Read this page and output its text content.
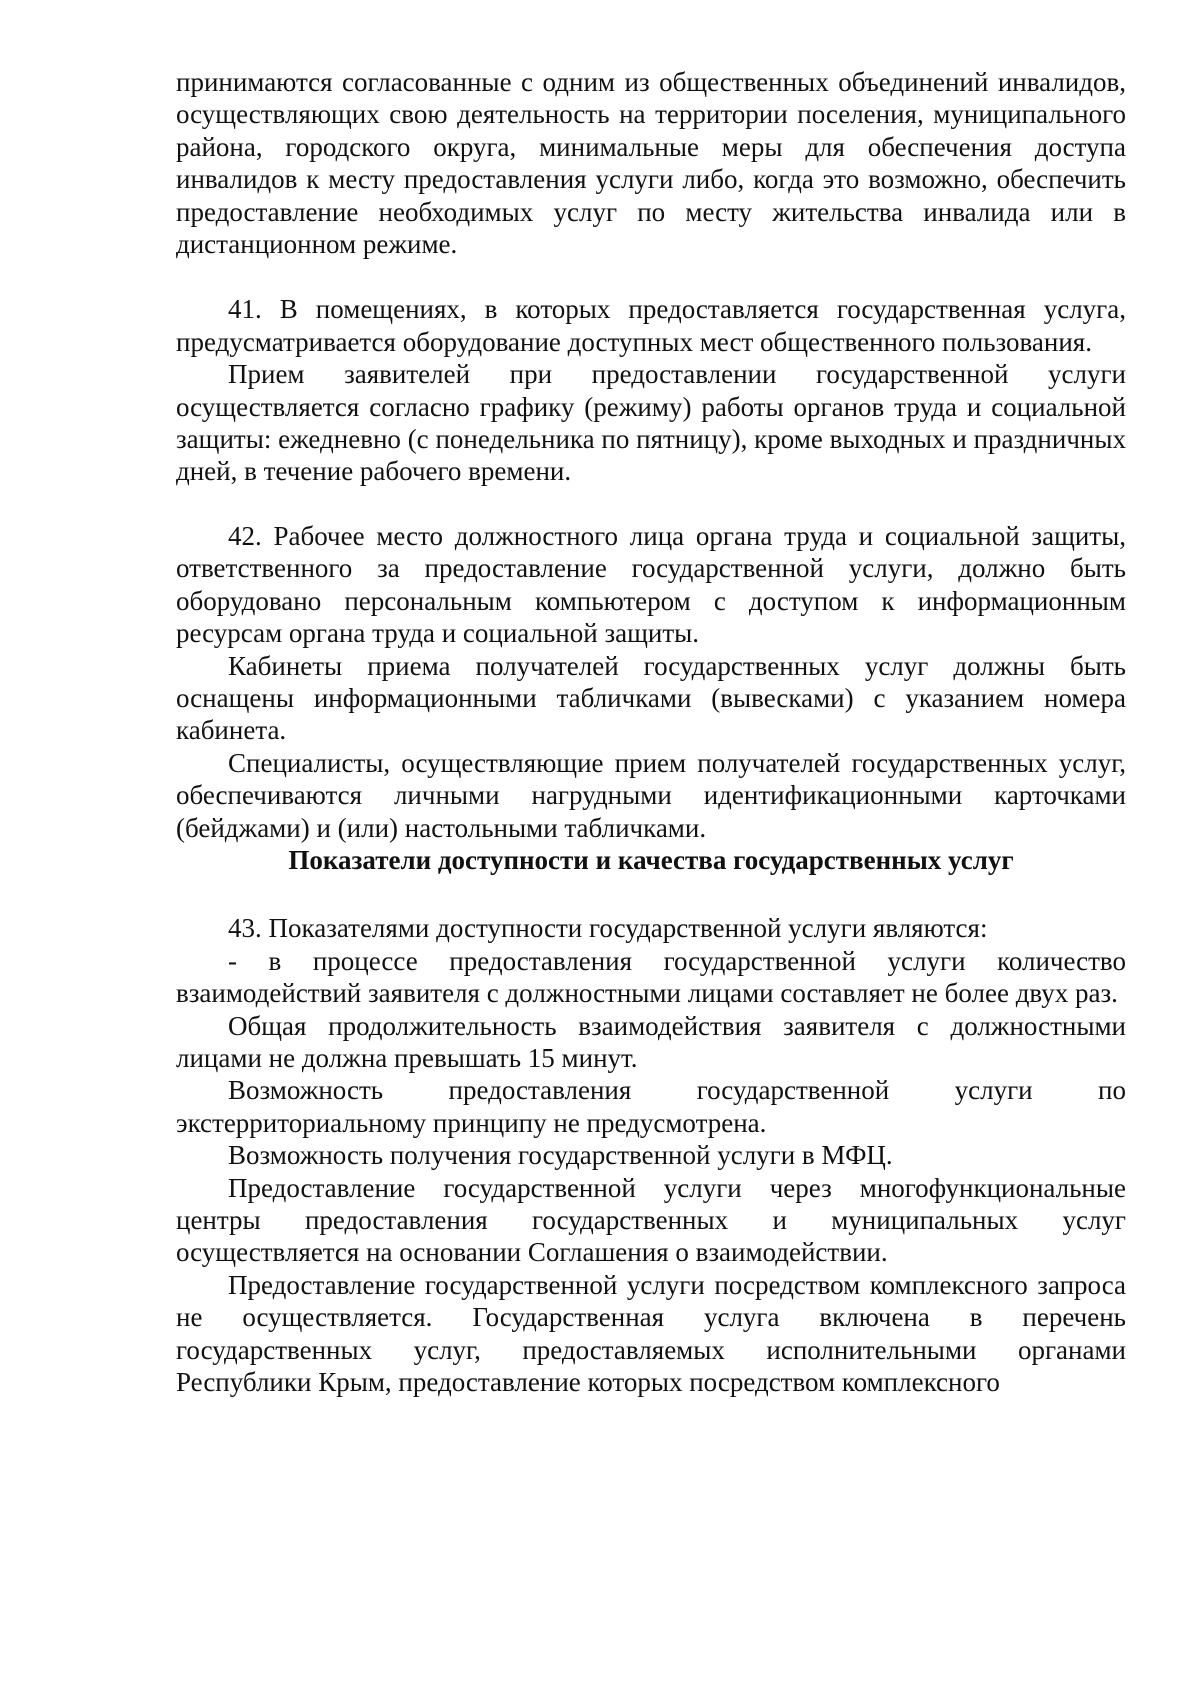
принимаются согласованные с одним из общественных объединений инвалидов, осуществляющих свою деятельность на территории поселения, муниципального района, городского округа, минимальные меры для обеспечения доступа инвалидов к месту предоставления услуги либо, когда это возможно, обеспечить предоставление необходимых услуг по месту жительства инвалида или в дистанционном режиме.

41. В помещениях, в которых предоставляется государственная услуга, предусматривается оборудование доступных мест общественного пользования.

Прием заявителей при предоставлении государственной услуги осуществляется согласно графику (режиму) работы органов труда и социальной защиты: ежедневно (с понедельника по пятницу), кроме выходных и праздничных дней, в течение рабочего времени.

42. Рабочее место должностного лица органа труда и социальной защиты, ответственного за предоставление государственной услуги, должно быть оборудовано персональным компьютером с доступом к информационным ресурсам органа труда и социальной защиты.

Кабинеты приема получателей государственных услуг должны быть оснащены информационными табличками (вывесками) с указанием номера кабинета.

Специалисты, осуществляющие прием получателей государственных услуг, обеспечиваются личными нагрудными идентификационными карточками (бейджами) и (или) настольными табличками.

Показатели доступности и качества государственных услуг

43. Показателями доступности государственной услуги являются:

- в процессе предоставления государственной услуги количество взаимодействий заявителя с должностными лицами составляет не более двух раз.

Общая продолжительность взаимодействия заявителя с должностными лицами не должна превышать 15 минут.

Возможность предоставления государственной услуги по экстерриториальному принципу не предусмотрена.

Возможность получения государственной услуги в МФЦ.

Предоставление государственной услуги через многофункциональные центры предоставления государственных и муниципальных услуг осуществляется на основании Соглашения о взаимодействии.

Предоставление государственной услуги посредством комплексного запроса не осуществляется. Государственная услуга включена в перечень государственных услуг, предоставляемых исполнительными органами Республики Крым, предоставление которых посредством комплексного
